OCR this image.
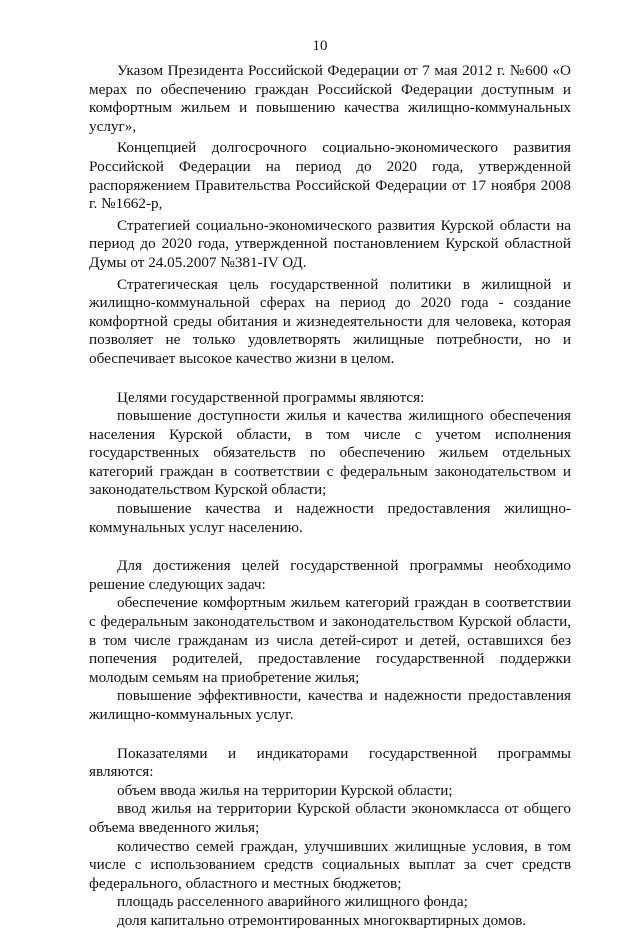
10

Указом Президента Российской Федерации от 7 мая 2012 г. №600 «О мерах по обеспечению граждан Российской Федерации доступным и комфортным жильем и повышению качества жилищно-коммунальных услуг»,

Концепцией долгосрочного социально-экономического развития Российской Федерации на период до 2020 года, утвержденной распоряжением Правительства Российской Федерации от 17 ноября 2008 г. №1662-р,

Стратегией социально-экономического развития Курской области на период до 2020 года, утвержденной постановлением Курской областной Думы от 24.05.2007 №381-IV ОД.

Стратегическая цель государственной политики в жилищной и жилищно-коммунальной сферах на период до 2020 года - создание комфортной среды обитания и жизнедеятельности для человека, которая позволяет не только удовлетворять жилищные потребности, но и обеспечивает высокое качество жизни в целом.

Целями государственной программы являются:

повышение доступности жилья и качества жилищного обеспечения населения Курской области, в том числе с учетом исполнения государственных обязательств по обеспечению жильем отдельных категорий граждан в соответствии с федеральным законодательством и законодательством Курской области;

повышение качества и надежности предоставления жилищно-коммунальных услуг населению.

Для достижения целей государственной программы необходимо решение следующих задач:

обеспечение комфортным жильем категорий граждан в соответствии с федеральным законодательством и законодательством Курской области, в том числе гражданам из числа детей-сирот и детей, оставшихся без попечения родителей, предоставление государственной поддержки молодым семьям на приобретение жилья;

повышение эффективности, качества и надежности предоставления жилищно-коммунальных услуг.

Показателями и индикаторами государственной программы являются:

объем ввода жилья на территории Курской области;

ввод жилья на территории Курской области экономкласса от общего объема введенного жилья;

количество семей граждан, улучшивших жилищные условия, в том числе с использованием средств социальных выплат за счет средств федерального, областного и местных бюджетов;

площадь расселенного аварийного жилищного фонда;

доля капитально отремонтированных многоквартирных домов.
